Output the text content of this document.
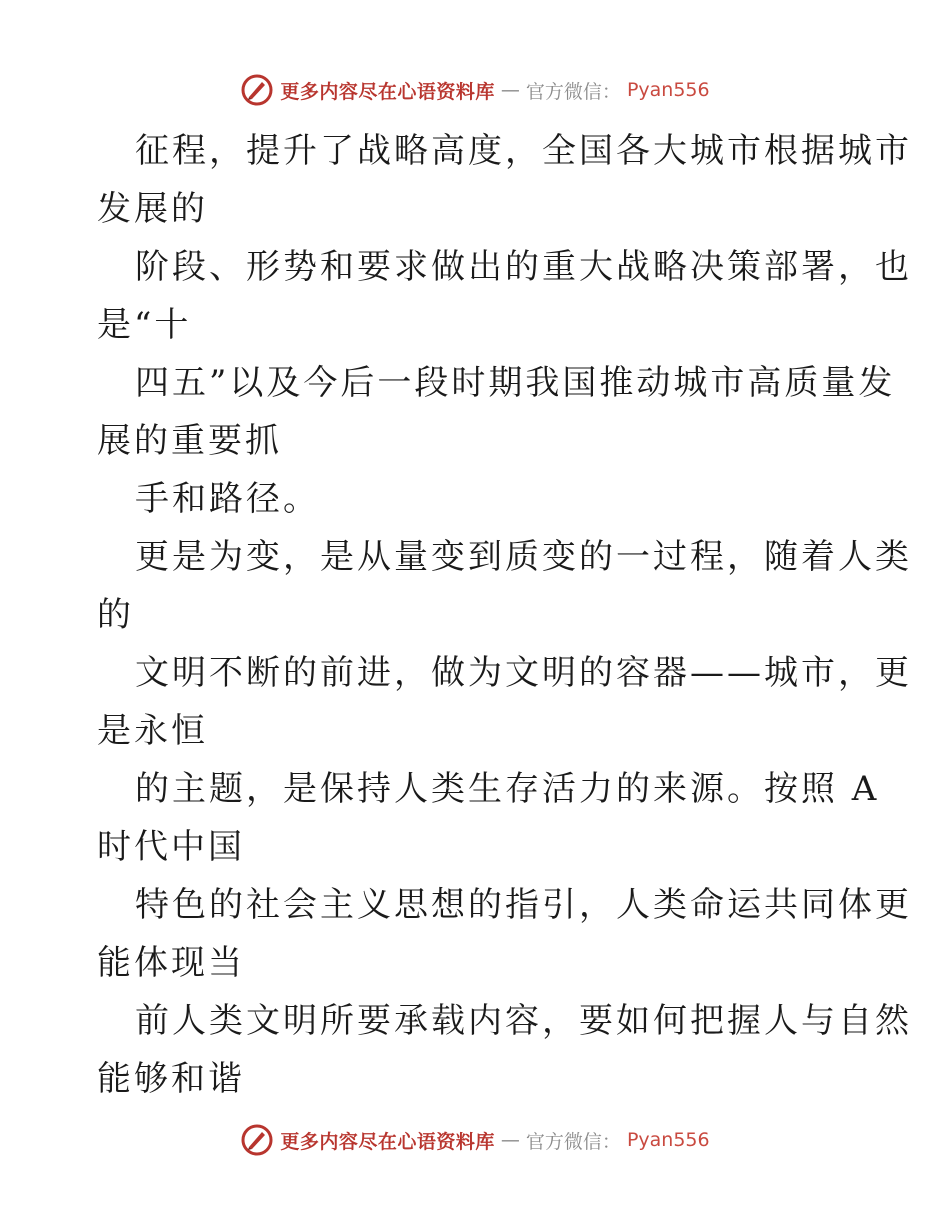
更多内容尽在心语资料库 — 官方微信： Pyan556

征程，提升了战略高度，全国各大城市根据城市
发展的

阶段、形势和要求做出的重大战略决策部署，也
是“十

四五”以及今后一段时期我国推动城市高质量发
展的重要抓

手和路径。

更是为变，是从量变到质变的一过程，随着人类
的

文明不断的前进，做为文明的容器——城市，更
是永恒

的主题，是保持人类生存活力的来源。按照 A
时代中国

特色的社会主义思想的指引，人类命运共同体更
能体现当

前人类文明所要承载内容，要如何把握人与自然
能够和谐

更多内容尽在心语资料库 — 官方微信： Pyan556
